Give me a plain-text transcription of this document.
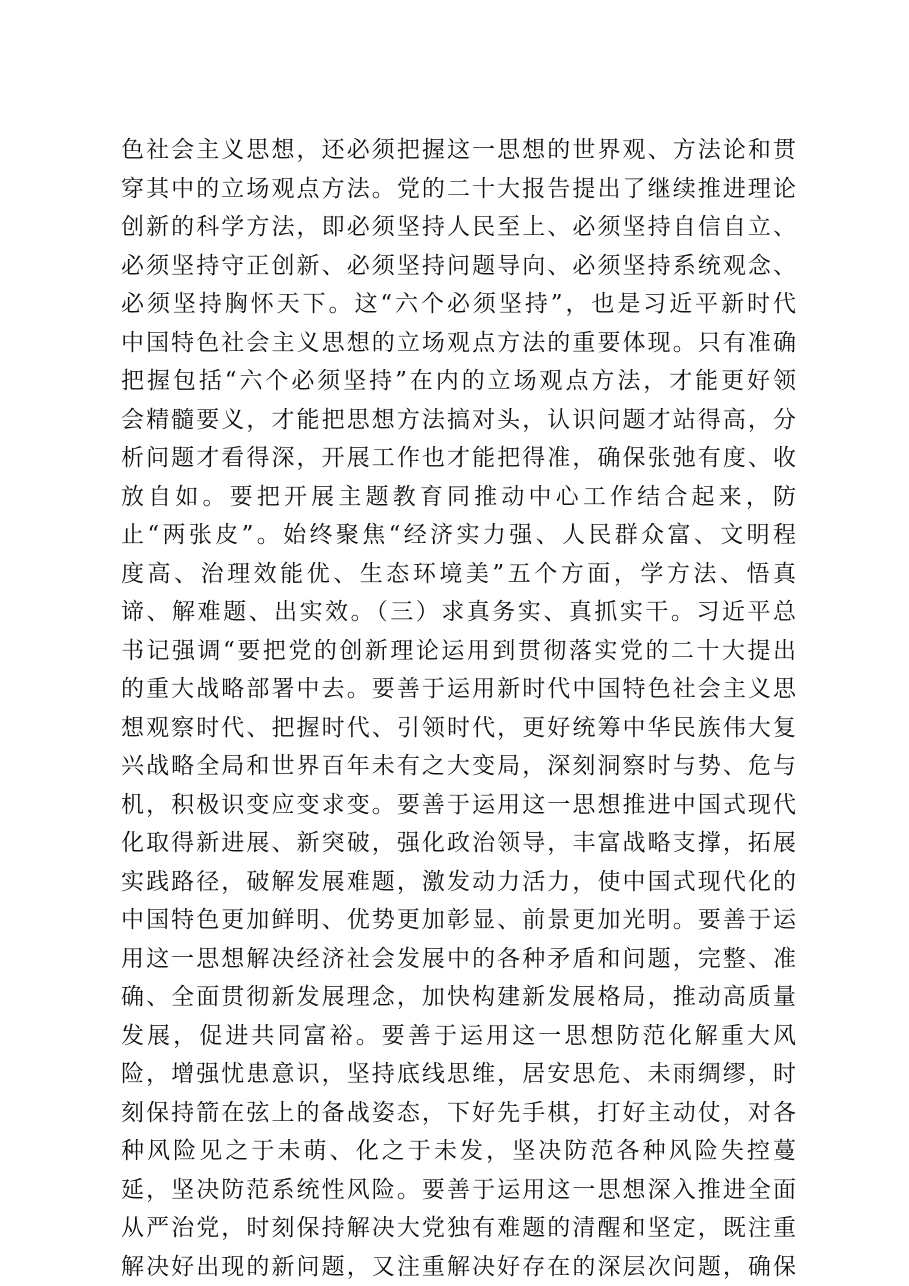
色社会主义思想，还必须把握这一思想的世界观、方法论和贯
穿其中的立场观点方法。党的二十大报告提出了继续推进理论
创新的科学方法，即必须坚持人民至上、必须坚持自信自立、
必须坚持守正创新、必须坚持问题导向、必须坚持系统观念、
必须坚持胸怀天下。这“六个必须坚持”，也是习近平新时代
中国特色社会主义思想的立场观点方法的重要体现。只有准确
把握包括“六个必须坚持”在内的立场观点方法，才能更好领
会精髓要义，才能把思想方法搞对头，认识问题才站得高，分
析问题才看得深，开展工作也才能把得准，确保张弛有度、收
放自如。要把开展主题教育同推动中心工作结合起来，防
止“两张皮”。始终聚焦“经济实力强、人民群众富、文明程
度高、治理效能优、生态环境美”五个方面，学方法、悟真
谛、解难题、出实效。（三）求真务实、真抓实干。习近平总
书记强调“要把党的创新理论运用到贯彻落实党的二十大提出
的重大战略部署中去。要善于运用新时代中国特色社会主义思
想观察时代、把握时代、引领时代，更好统筹中华民族伟大复
兴战略全局和世界百年未有之大变局，深刻洞察时与势、危与
机，积极识变应变求变。要善于运用这一思想推进中国式现代
化取得新进展、新突破，强化政治领导，丰富战略支撑，拓展
实践路径，破解发展难题，激发动力活力，使中国式现代化的
中国特色更加鲜明、优势更加彰显、前景更加光明。要善于运
用这一思想解决经济社会发展中的各种矛盾和问题，完整、准
确、全面贯彻新发展理念，加快构建新发展格局，推动高质量
发展，促进共同富裕。要善于运用这一思想防范化解重大风
险，增强忧患意识，坚持底线思维，居安思危、未雨绸缪，时
刻保持箭在弦上的备战姿态，下好先手棋，打好主动仗，对各
种风险见之于未萌、化之于未发，坚决防范各种风险失控蔓
延，坚决防范系统性风险。要善于运用这一思想深入推进全面
从严治党，时刻保持解决大党独有难题的清醒和坚定，既注重
解决好出现的新问题，又注重解决好存在的深层次问题，确保
